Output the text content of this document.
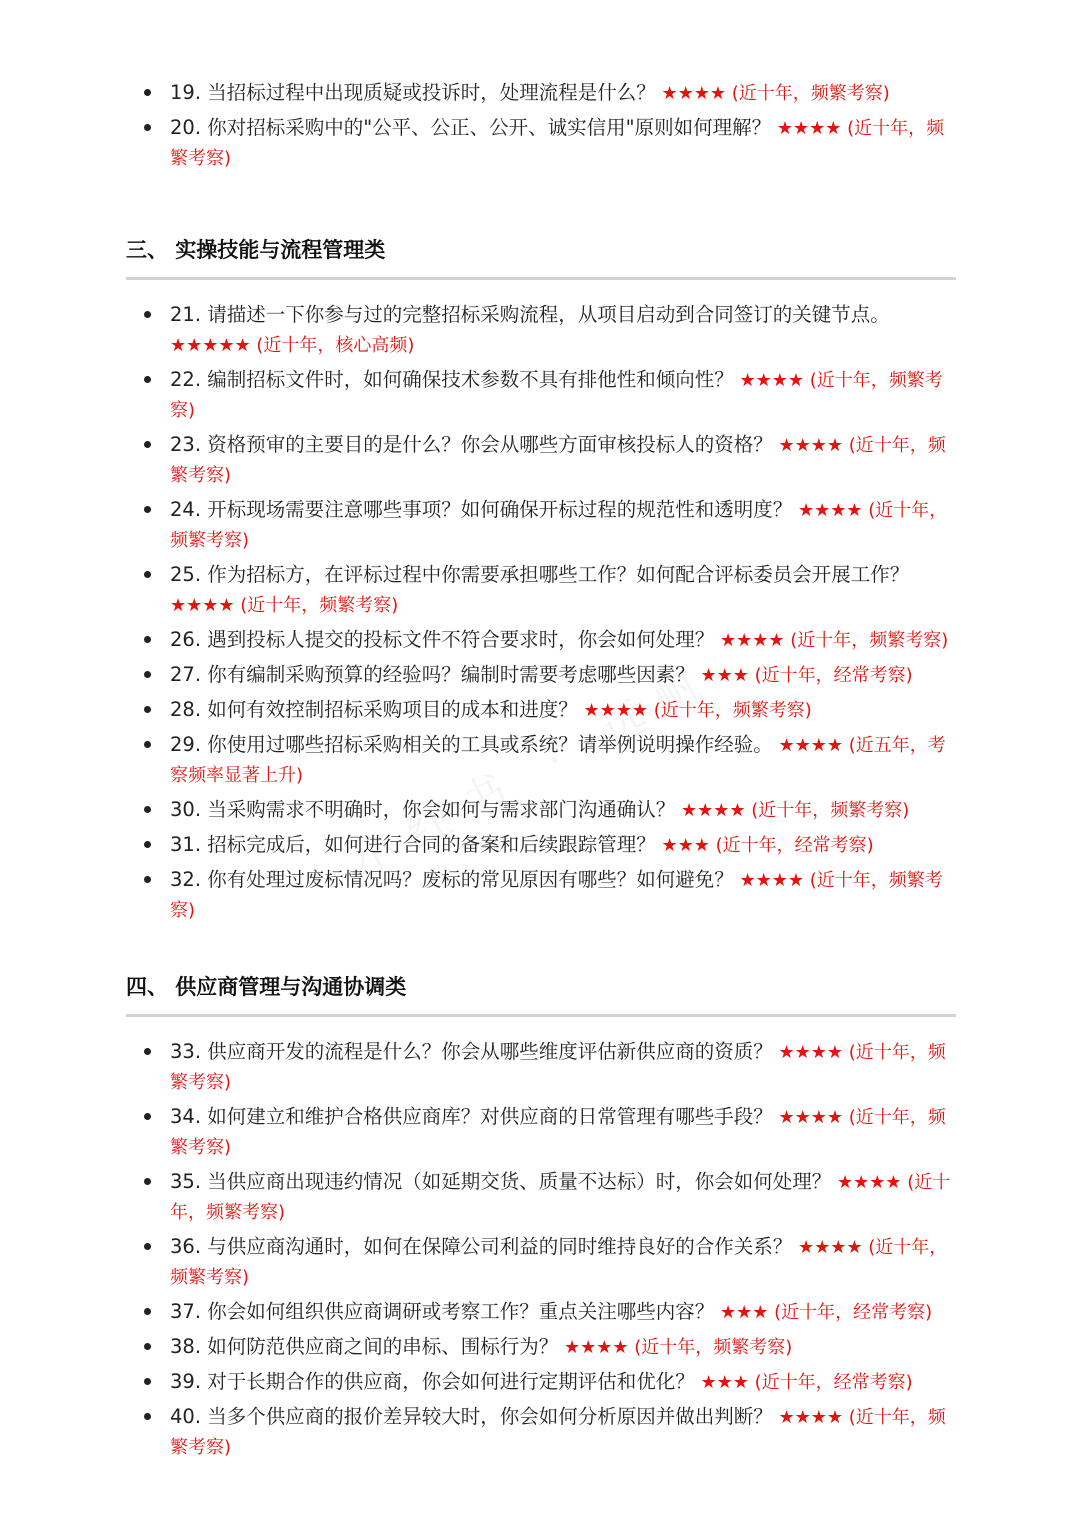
19. 当招标过程中出现质疑或投诉时，处理流程是什么？ ★★★★ (近十年，频繁考察)
20. 你对招标采购中的"公平、公正、公开、诚实信用"原则如何理解？ ★★★★ (近十年，频繁考察)
三、 实操技能与流程管理类
21. 请描述一下你参与过的完整招标采购流程，从项目启动到合同签订的关键节点。 ★★★★★ (近十年，核心高频)
22. 编制招标文件时，如何确保技术参数不具有排他性和倾向性？ ★★★★ (近十年，频繁考察)
23. 资格预审的主要目的是什么？你会从哪些方面审核投标人的资格？ ★★★★ (近十年，频繁考察)
24. 开标现场需要注意哪些事项？如何确保开标过程的规范性和透明度？ ★★★★ (近十年，频繁考察)
25. 作为招标方，在评标过程中你需要承担哪些工作？如何配合评标委员会开展工作？ ★★★★ (近十年，频繁考察)
26. 遇到投标人提交的投标文件不符合要求时，你会如何处理？ ★★★★ (近十年，频繁考察)
27. 你有编制采购预算的经验吗？编制时需要考虑哪些因素？ ★★★ (近十年，经常考察)
28. 如何有效控制招标采购项目的成本和进度？ ★★★★ (近十年，频繁考察)
29. 你使用过哪些招标采购相关的工具或系统？请举例说明操作经验。 ★★★★ (近五年，考察频率显著上升)
30. 当采购需求不明确时，你会如何与需求部门沟通确认？ ★★★★ (近十年，频繁考察)
31. 招标完成后，如何进行合同的备案和后续跟踪管理？ ★★★ (近十年，经常考察)
32. 你有处理过废标情况吗？废标的常见原因有哪些？如何避免？ ★★★★ (近十年，频繁考察)
四、 供应商管理与沟通协调类
33. 供应商开发的流程是什么？你会从哪些维度评估新供应商的资质？ ★★★★ (近十年，频繁考察)
34. 如何建立和维护合格供应商库？对供应商的日常管理有哪些手段？ ★★★★ (近十年，频繁考察)
35. 当供应商出现违约情况（如延期交货、质量不达标）时，你会如何处理？ ★★★★ (近十年，频繁考察)
36. 与供应商沟通时，如何在保障公司利益的同时维持良好的合作关系？ ★★★★ (近十年，频繁考察)
37. 你会如何组织供应商调研或考察工作？重点关注哪些内容？ ★★★ (近十年，经常考察)
38. 如何防范供应商之间的串标、围标行为？ ★★★★ (近十年，频繁考察)
39. 对于长期合作的供应商，你会如何进行定期评估和优化？ ★★★ (近十年，经常考察)
40. 当多个供应商的报价差异较大时，你会如何分析原因并做出判断？ ★★★★ (近十年，频繁考察)
